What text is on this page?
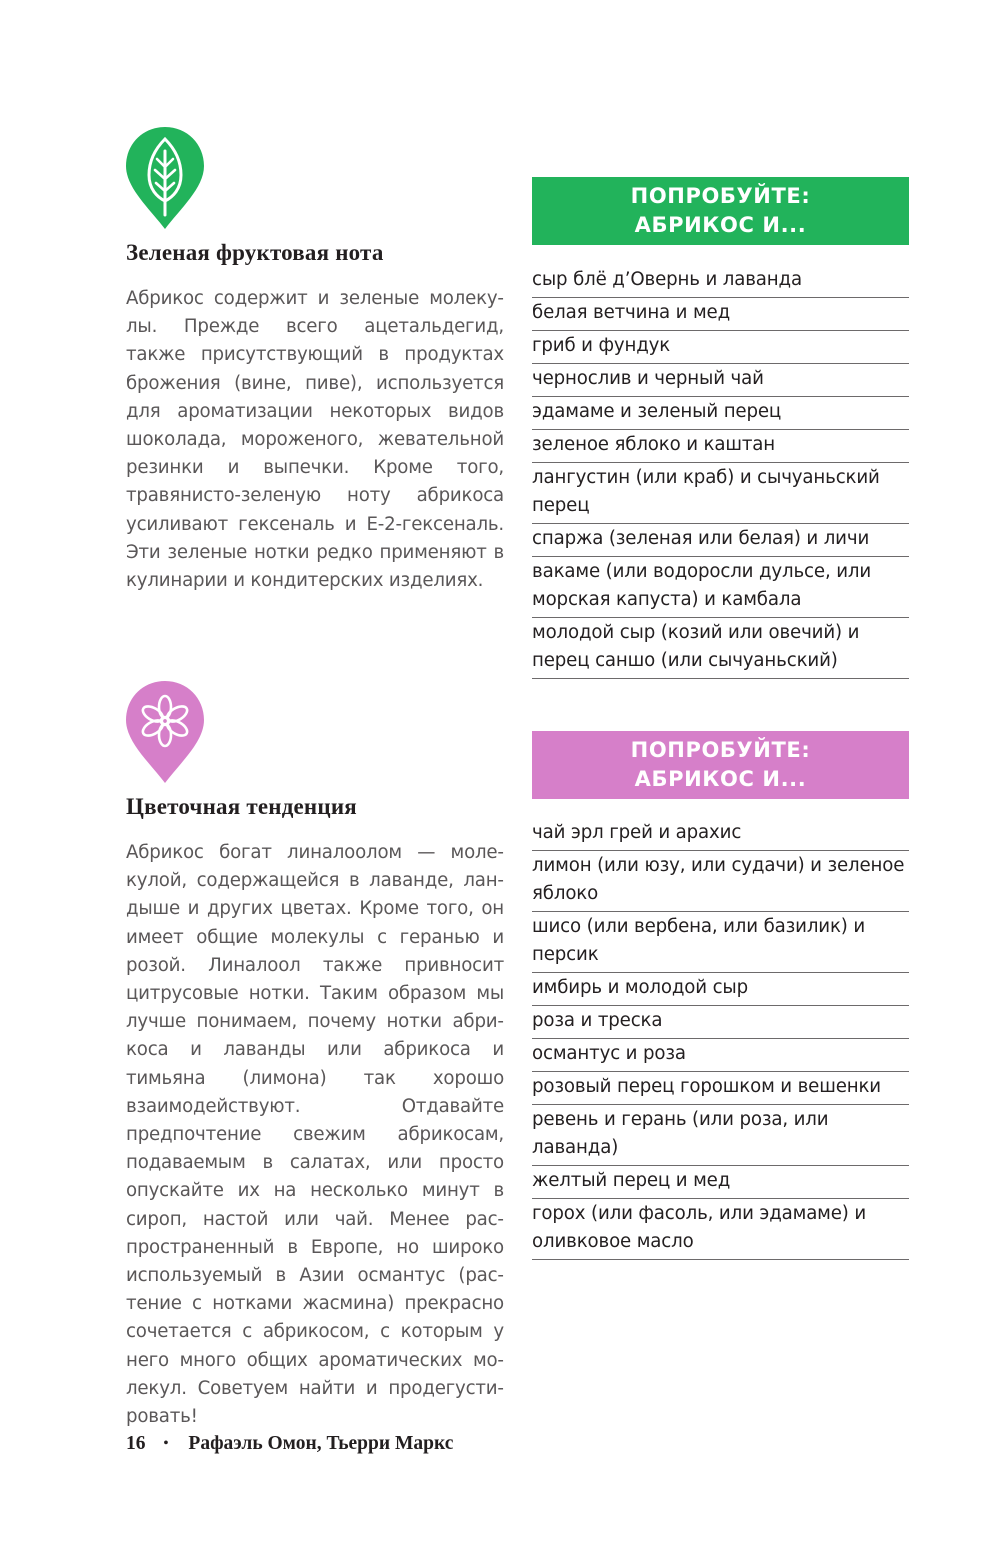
Зеленая фруктовая нота

Абрикос содержит и зеленые молекулы. Прежде всего ацетальдегид, также присутствующий в продуктах брожения (вине, пиве), используется для ароматизации некоторых видов шоколада, мороженого, жевательной резинки и выпечки. Кроме того, травянисто-зеленую ноту абрикоса усиливают гексеналь и Е-2-гексеналь. Эти зеленые нотки редко применяют в кулинарии и кондитерских изделиях.

Цветочная тенденция

Абрикос богат линалоолом — молекулой, содержащейся в лаванде, ландыше и других цветах. Кроме того, он имеет общие молекулы с геранью и розой. Линалоол также привносит цитрусовые нотки. Таким образом мы лучше понимаем, почему нотки абрикоса и лаванды или абрикоса и тимьяна (лимона) так хорошо взаимодействуют. Отдавайте предпочтение свежим абрикосам, подаваемым в салатах, или просто опускайте их на несколько минут в сироп, настой или чай. Менее распространенный в Европе, но широко используемый в Азии османтус (растение с нотками жасмина) прекрасно сочетается с абрикосом, с которым у него много общих ароматических молекул. Советуем найти и продегустировать!

ПОПРОБУЙТЕ:
АБРИКОС И...
сыр блё д’Овернь и лаванда
белая ветчина и мед
гриб и фундук
чернослив и черный чай
эдамаме и зеленый перец
зеленое яблоко и каштан
лангустин (или краб) и сычуаньский перец
спаржа (зеленая или белая) и личи
вакаме (или водоросли дульсе, или морская капуста) и камбала
молодой сыр (козий или овечий) и перец саншо (или сычуаньский)
ПОПРОБУЙТЕ:
АБРИКОС И...
чай эрл грей и арахис
лимон (или юзу, или судачи) и зеленое яблоко
шисо (или вербена, или базилик) и персик
имбирь и молодой сыр
роза и треска
османтус и роза
розовый перец горошком и вешенки
ревень и герань (или роза, или лаванда)
желтый перец и мед
горох (или фасоль, или эдамаме) и оливковое масло
16 • Рафаэль Омон, Тьерри Маркс
